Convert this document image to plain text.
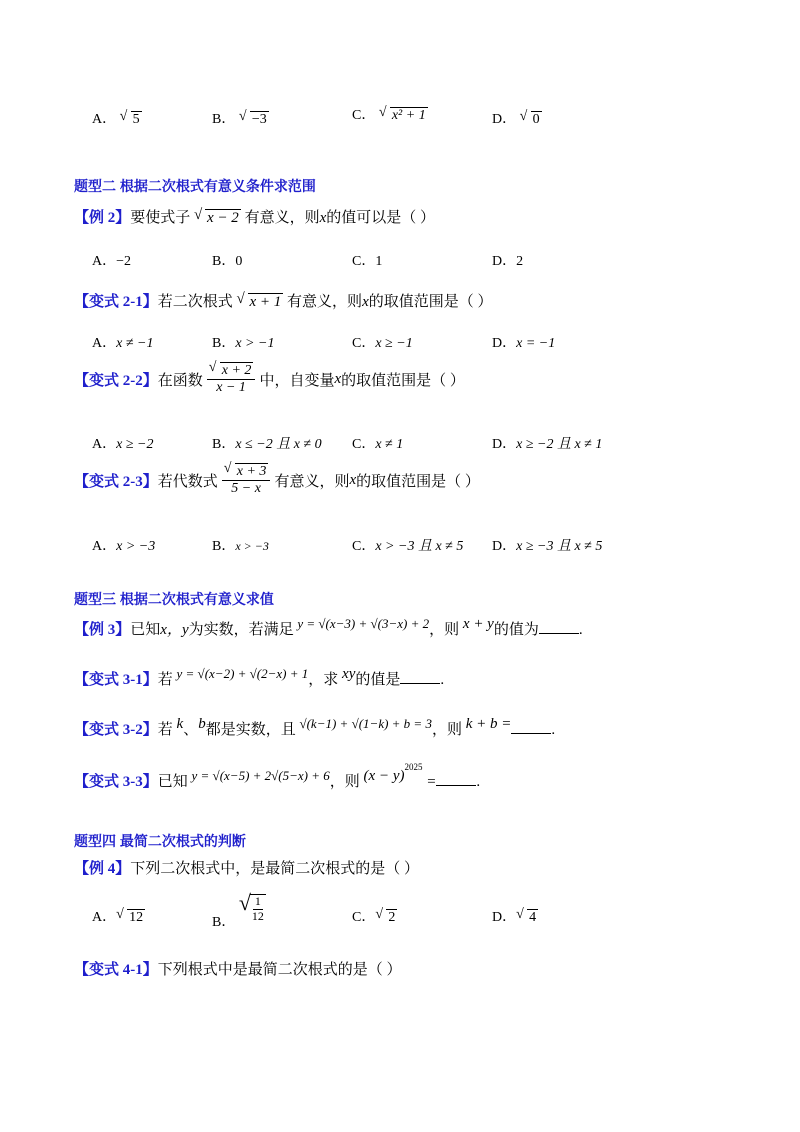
A． √ 5	B． √ −3	C． √ x² + 1	D． √ 0
题型二 根据二次根式有意义条件求范围
【例 2】要使式子 √ x − 2 有意义，则x的值可以是（ ）
A．−2	B．0	C．1	D．2
【变式 2-1】若二次根式 √ x + 1 有意义，则x的取值范围是（ ）
A．x ≠ −1	B．x > −1	C．x ≥ −1	D．x = −1
【变式 2-2】 在函数 √ $\frac{x + 2}{x - 1}$ 中，自变量 x 的取值范围是（ ）
A．x ≥ −2	B．x ≤ −2 且 x ≠ 0 C．x ≠ 1	D．x ≥ −2 且 x ≠ 1
【变式 2-3】 若代数式 √ $\frac{x + 3}{5 - x}$ 有意义，则 x 的取值范围是（ ）
A．x > −3	B．x > −3	C．x > −3 且 x ≠ 5 D．x ≥ −3 且 x ≠ 5
题型三 根据二次根式有意义求值
【例 3】已知x，y为实数，若满足 y = √(x−3) + √(3−x) + 2，则 x + y的值为	.
【变式 3-1】若 y = √(x−2) + √(2−x) + 1，求 xy的值是	.
【变式 3-2】若 k、b都是实数，且 √(k−1) + √(1−k) + b = 3，则 k + b =	.
【变式 3-3】已知 y = √(x−5) + 2√(5−x) + 6，则 $(x - y)^{2025}$ =	.
题型四 最简二次根式的判断
【例 4】下列二次根式中，是最简二次根式的是（ ）
A． √ 12	B． √ $\frac{1}{12}$	C． √ 2	D． √ 4
【变式 4-1】下列根式中是最简二次根式的是（ ）
